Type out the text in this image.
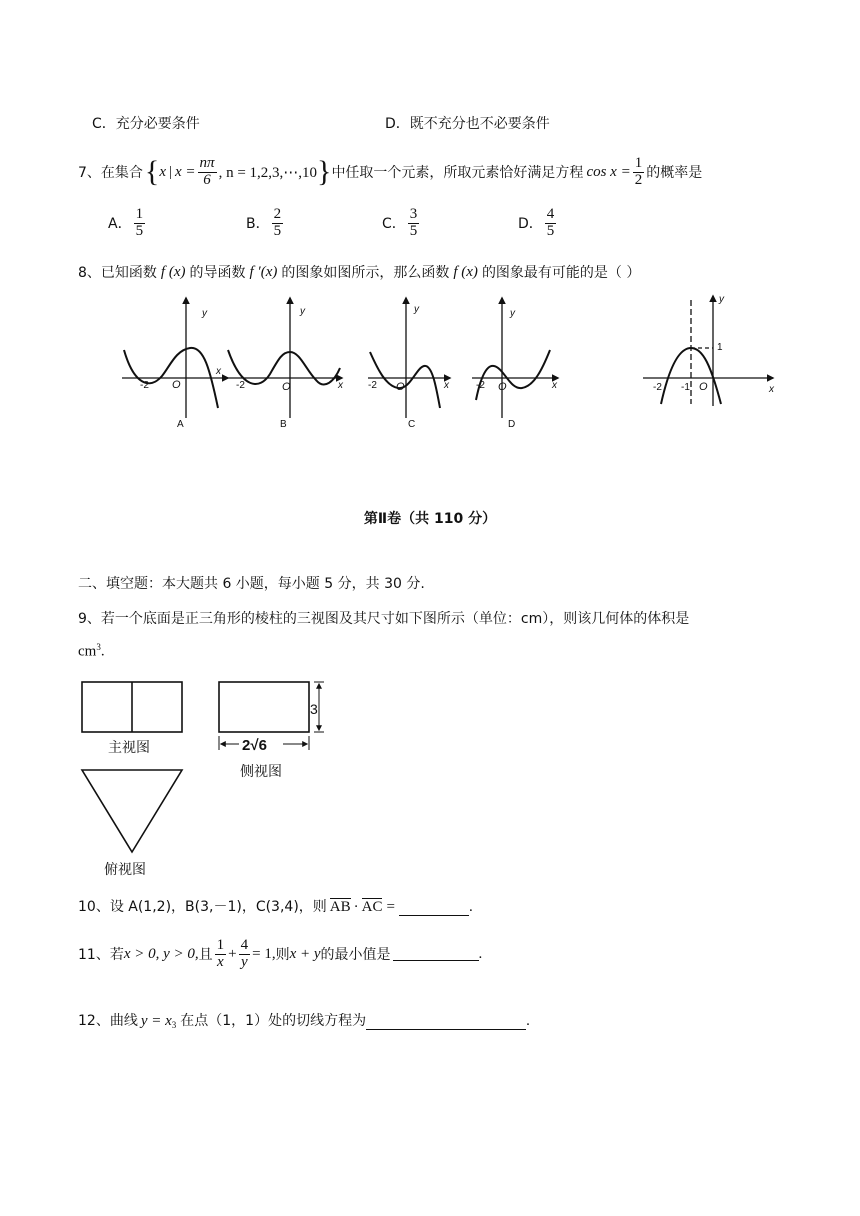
C．充分必要条件	D．既不充分也不必要条件
7、在集合 { x | $x = \frac{n\pi}{6}$ , n = 1,2,3,⋯,10 } 中任取一个元素，所取元素恰好满足方程 $\cos x = \frac{1}{2}$ 的概率是
A． $\frac{1}{5}$	B． $\frac{2}{5}$	C． $\frac{3}{5}$	D． $\frac{4}{5}$
8、已知函数 f (x) 的导函数 f ′(x) 的图象如图所示，那么函数 f (x) 的图象最有可能的是（ ）
y
x
O
-2
y
x
O
-2
y
x
O
-2
y
x
O
-2
A	B	C	D
y
x
1
-2 -1 O
第Ⅱ卷（共 110 分）
二、填空题：本大题共 6 小题，每小题 5 分，共 30 分.
9、若一个底面是正三角形的棱柱的三视图及其尺寸如下图所示（单位：cm），则该几何体的体积是
$cm^3$.
3
2√6
主视图
侧视图
俯视图
10、设 A(1,2)，B(3,－1)，C(3,4)，则 AB · AC =	.
11、若 x > 0, y > 0, 且 $\frac{1}{x} + \frac{4}{y} = 1$, 则 x + y 的最小值是	.
12、曲线 $y = x_3$ 在点（1，1）处的切线方程为	.
